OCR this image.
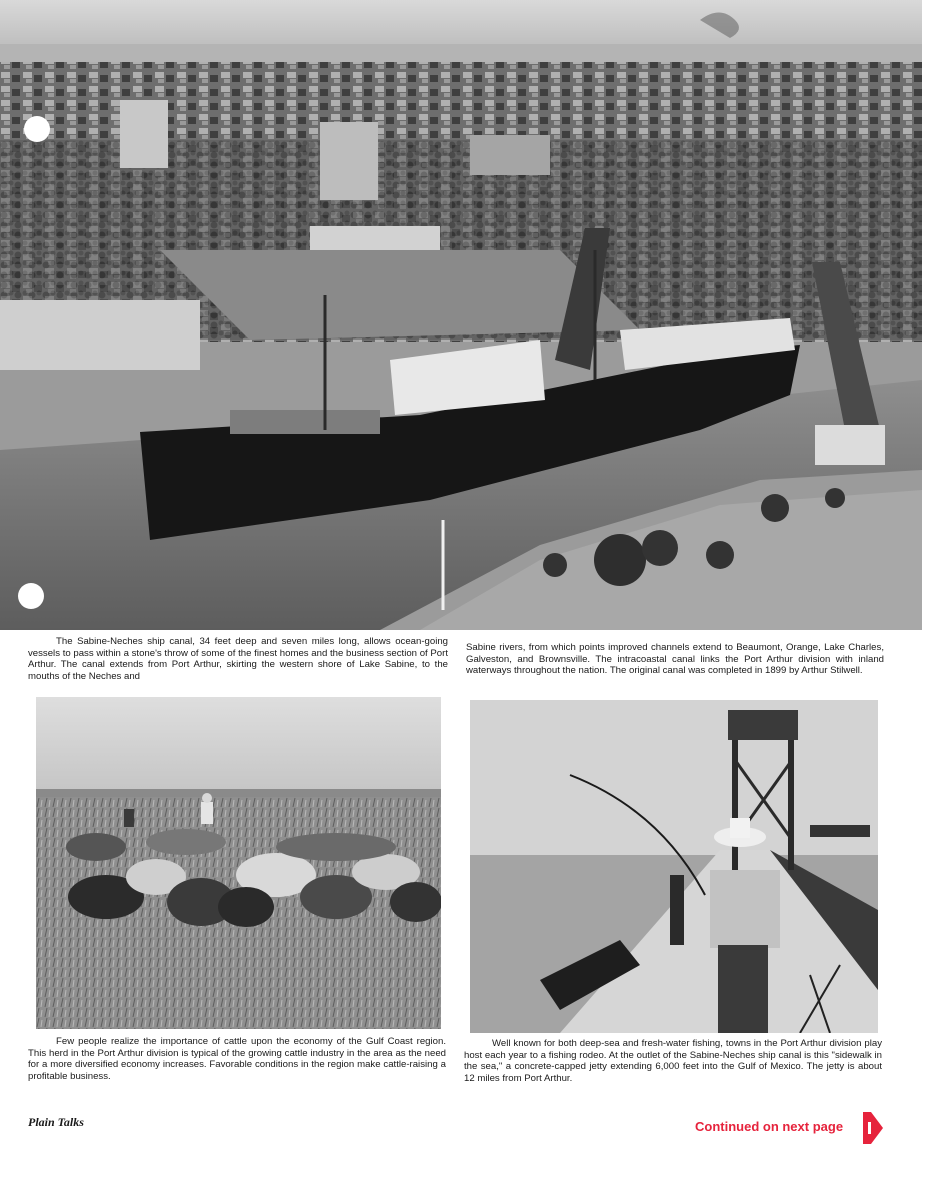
The Sabine-Neches ship canal, 34 feet deep and seven miles long, allows ocean-going vessels to pass within a stone's throw of some of the finest homes and the business section of Port Arthur. The canal extends from Port Arthur, skirting the western shore of Lake Sabine, to the mouths of the Neches and

Sabine rivers, from which points improved channels extend to Beaumont, Orange, Lake Charles, Galveston, and Brownsville. The intracoastal canal links the Port Arthur division with inland waterways throughout the nation. The original canal was completed in 1899 by Arthur Stilwell.

Few people realize the importance of cattle upon the economy of the Gulf Coast region. This herd in the Port Arthur division is typical of the growing cattle industry in the area as the need for a more diversified economy increases. Favorable conditions in the region make cattle-raising a profitable business.

Well known for both deep-sea and fresh-water fishing, towns in the Port Arthur division play host each year to a fishing rodeo. At the outlet of the Sabine-Neches ship canal is this "sidewalk in the sea," a concrete-capped jetty extending 6,000 feet into the Gulf of Mexico. The jetty is about 12 miles from Port Arthur.

Plain Talks	Continued on next page
